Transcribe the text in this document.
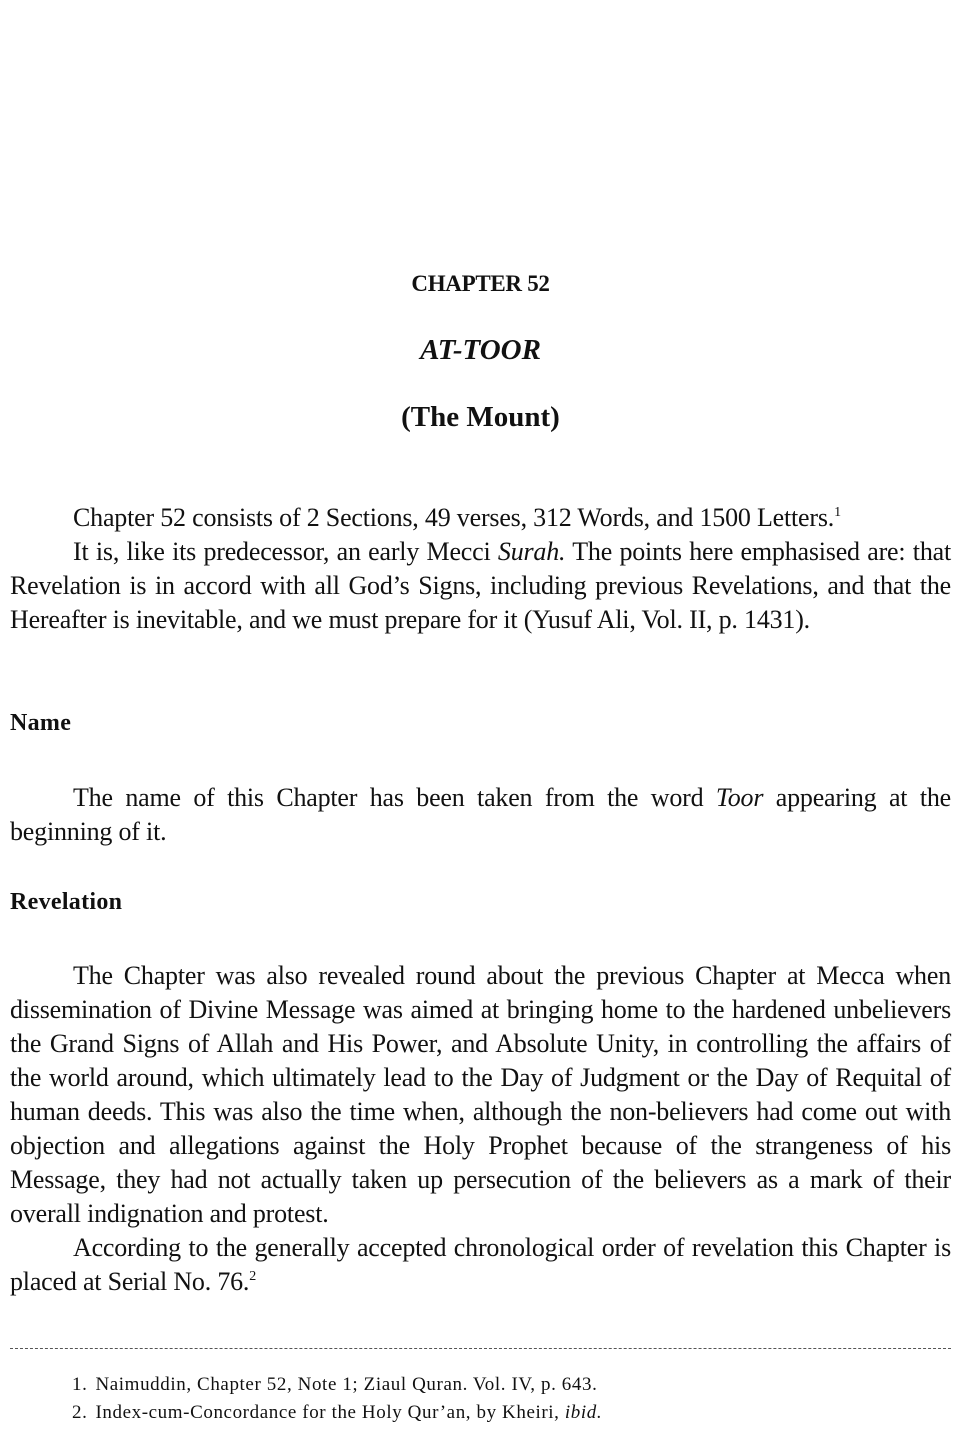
CHAPTER 52
AT-TOOR
(The Mount)

Chapter 52 consists of 2 Sections, 49 verses, 312 Words, and 1500 Letters.$^1$

It is, like its predecessor, an early Mecci Surah. The points here emphasised are: that Revelation is in accord with all God’s Signs, including previous Revelations, and that the Hereafter is inevitable, and we must prepare for it (Yusuf Ali, Vol. II, p. 1431).

Name

The name of this Chapter has been taken from the word Toor appearing at the beginning of it.

Revelation

The Chapter was also revealed round about the previous Chapter at Mecca when dissemination of Divine Message was aimed at bringing home to the hardened unbelievers the Grand Signs of Allah and His Power, and Absolute Unity, in controlling the affairs of the world around, which ultimately lead to the Day of Judgment or the Day of Requital of human deeds. This was also the time when, although the non-believers had come out with objection and allegations against the Holy Prophet because of the strangeness of his Message, they had not actually taken up persecution of the believers as a mark of their overall indignation and protest.

According to the generally accepted chronological order of revelation this Chapter is placed at Serial No. 76.$^2$

1. Naimuddin, Chapter 52, Note 1; Ziaul Quran. Vol. IV, p. 643.
2. Index-cum-Concordance for the Holy Qur’an, by Kheiri, ibid.
